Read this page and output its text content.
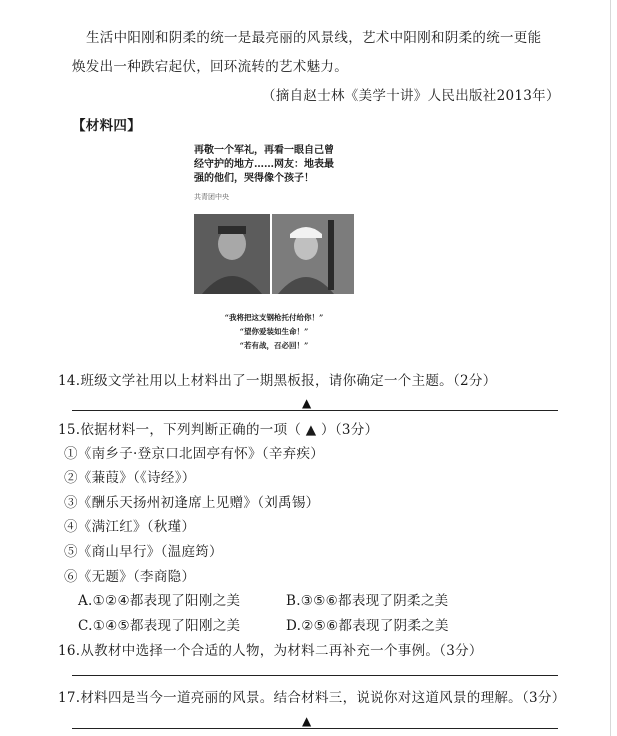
生活中阳刚和阴柔的统一是最亮丽的风景线，艺术中阳刚和阴柔的统一更能
焕发出一种跌宕起伏，回环流转的艺术魅力。
（摘自赵士林《美学十讲》人民出版社2013年）
【材料四】
再敬一个军礼，再看一眼自己曾
经守护的地方……网友：地表最
强的他们，哭得像个孩子！
共青团中央
“我将把这支钢枪托付给你！”
“望你爱装如生命！”
“若有战，召必回！”
14.班级文学社用以上材料出了一期黑板报，请你确定一个主题。（2分）
▲
15.依据材料一，下列判断正确的一项（ ▲ ）（3分）
①《南乡子·登京口北固亭有怀》（辛弃疾）
②《蒹葭》（《诗经》）
③《酬乐天扬州初逢席上见赠》（刘禹锡）
④《满江红》（秋瑾）
⑤《商山早行》（温庭筠）
⑥《无题》（李商隐）
A.①②④都表现了阳刚之美	B.③⑤⑥都表现了阴柔之美
C.①④⑤都表现了阳刚之美	D.②⑤⑥都表现了阴柔之美
16.从教材中选择一个合适的人物，为材料二再补充一个事例。（3分）
17.材料四是当今一道亮丽的风景。结合材料三，说说你对这道风景的理解。（3分）
▲
